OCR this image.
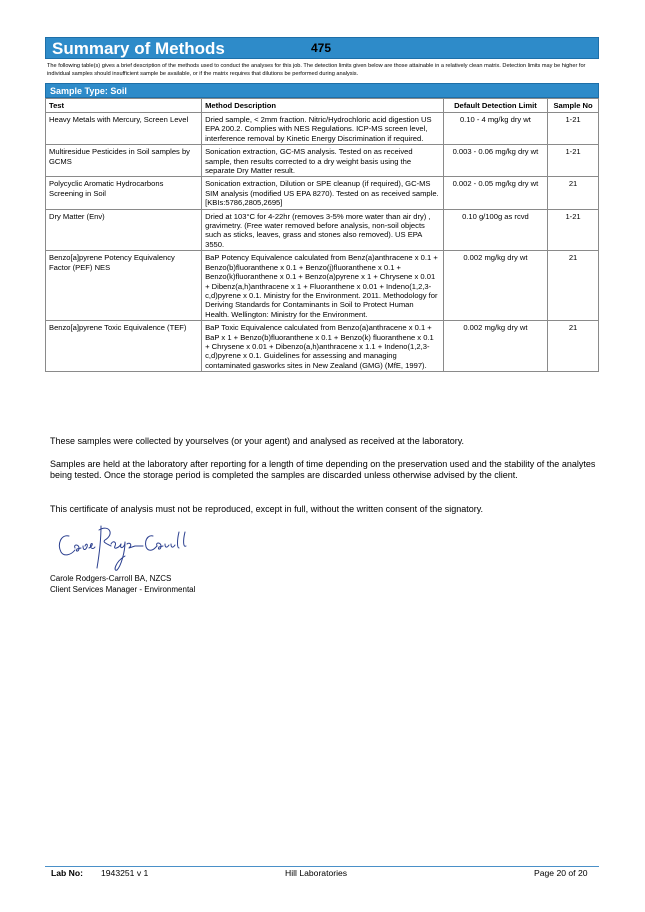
Summary of Methods	475
The following table(s) gives a brief description of the methods used to conduct the analyses for this job. The detection limits given below are those attainable in a relatively clean matrix. Detection limits may be higher for individual samples should insufficient sample be available, or if the matrix requires that dilutions be performed during analysis.
Sample Type: Soil
Test	Method Description	Default Detection Limit	Sample No
Heavy Metals with Mercury, Screen Level	Dried sample, < 2mm fraction. Nitric/Hydrochloric acid digestion US EPA 200.2. Complies with NES Regulations. ICP-MS screen level, interference removal by Kinetic Energy Discrimination if required.	0.10 - 4 mg/kg dry wt	1-21
Multiresidue Pesticides in Soil samples by GCMS	Sonication extraction, GC-MS analysis. Tested on as received sample, then results corrected to a dry weight basis using the separate Dry Matter result.	0.003 - 0.06 mg/kg dry wt	1-21
Polycyclic Aromatic Hydrocarbons Screening in Soil	Sonication extraction, Dilution or SPE cleanup (if required), GC-MS SIM analysis (modified US EPA 8270). Tested on as received sample. [KBIs:5786,2805,2695]	0.002 - 0.05 mg/kg dry wt	21
Dry Matter (Env)	Dried at 103°C for 4-22hr (removes 3-5% more water than air dry) , gravimetry. (Free water removed before analysis, non-soil objects such as sticks, leaves, grass and stones also removed). US EPA 3550.	0.10 g/100g as rcvd	1-21
Benzo[a]pyrene Potency Equivalency Factor (PEF) NES	BaP Potency Equivalence calculated from Benz(a)anthracene x 0.1 + Benzo(b)fluoranthene x 0.1 + Benzo(j)fluoranthene x 0.1 + Benzo(k)fluoranthene x 0.1 + Benzo(a)pyrene x 1 + Chrysene x 0.01 + Dibenz(a,h)anthracene x 1 + Fluoranthene x 0.01 + Indeno(1,2,3-c,d)pyrene x 0.1. Ministry for the Environment. 2011. Methodology for Deriving Standards for Contaminants in Soil to Protect Human Health. Wellington: Ministry for the Environment.	0.002 mg/kg dry wt	21
Benzo[a]pyrene Toxic Equivalence (TEF)	BaP Toxic Equivalence calculated from Benzo(a)anthracene x 0.1 + BaP x 1 + Benzo(b)fluoranthene x 0.1 + Benzo(k) fluoranthene x 0.1 + Chrysene x 0.01 + Dibenzo(a,h)anthracene x 1.1 + Indeno(1,2,3-c,d)pyrene x 0.1. Guidelines for assessing and managing contaminated gasworks sites in New Zealand (GMG) (MfE, 1997).	0.002 mg/kg dry wt	21
These samples were collected by yourselves (or your agent) and analysed as received at the laboratory.
Samples are held at the laboratory after reporting for a length of time depending on the preservation used and the stability of the analytes being tested. Once the storage period is completed the samples are discarded unless otherwise advised by the client.
This certificate of analysis must not be reproduced, except in full, without the written consent of the signatory.
Carole Rodgers-Carroll BA, NZCS
Client Services Manager - Environmental
Lab No: 1943251 v 1	Hill Laboratories	Page 20 of 20
